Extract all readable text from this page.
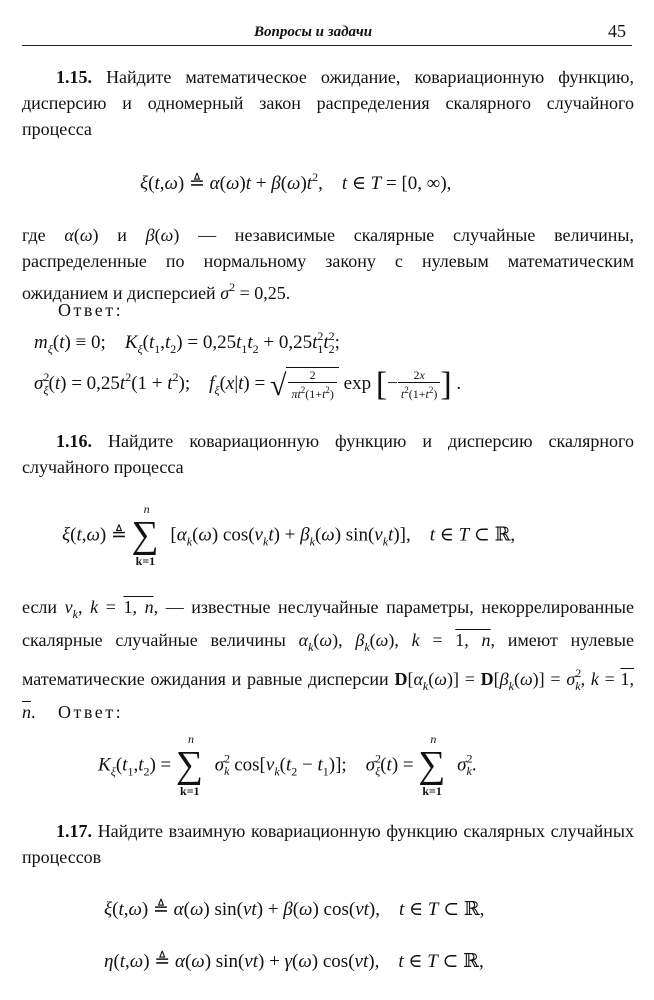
Вопросы и задачи	45

1.15. Найдите математическое ожидание, ковариационную функцию, дисперсию и одномерный закон распределения скалярного случайного процесса

ξ(t,ω) ≜ $\alpha(\omega)t + \beta(\omega)t^2$,    t ∈ T = [0, ∞),

где α(ω) и β(ω) — независимые скалярные случайные величины, распределенные по нормальному закону с нулевым математическим ожиданием и дисперсией $\sigma^2 = 0,25$.

Ответ:
$m_\xi(t) \equiv 0$;    $K_\xi(t_1,t_2) = 0,25t_1t_2 + 0,25t^2_1t^2_2$;
$\sigma^2_\xi(t) = 0,25t^2(1 + t^2)$;    $f_\xi(x|t)$ = √ $\frac{2}{\pi t^2(1+t^2)}$ exp [− $\frac{2x}{t^2(1+t^2)}$ ] .

1.16. Найдите ковариационную функцию и дисперсию скалярного случайного процесса

ξ(t,ω) ≜
n
∑
k=1
[$\alpha_k(\omega) \cos(\nu_kt) + \beta_k(\omega)$ $\sin(\nu_kt)$],    t ∈ T ⊂ ℝ,

если $\nu_k$, k = 1, n, — известные неслучайные параметры, некоррелированные скалярные случайные величины $\alpha_k(\omega)$, $\beta_k(\omega)$, k = 1, n, имеют нулевые математические ожидания и равные дисперсии $D[\alpha_k(\omega)] = D[\beta_k(\omega)] = \sigma^2_k$, k = 1, n.	Ответ:
$K_\xi(t_1,t_2)$ =
n
∑
k=1
$\sigma^2_k$ $\cos[\nu_k(t_2 - t_1)]$;    $\sigma^2_\xi(t)$ =
n
∑
k=1
$\sigma^2_k$.

1.17. Найдите взаимную ковариационную функцию скалярных случайных процессов

ξ(t,ω) ≜ α(ω) sin(νt) + β(ω) cos(νt),    t ∈ T ⊂ ℝ,
η(t,ω) ≜ α(ω) sin(νt) + γ(ω) cos(νt),    t ∈ T ⊂ ℝ,
